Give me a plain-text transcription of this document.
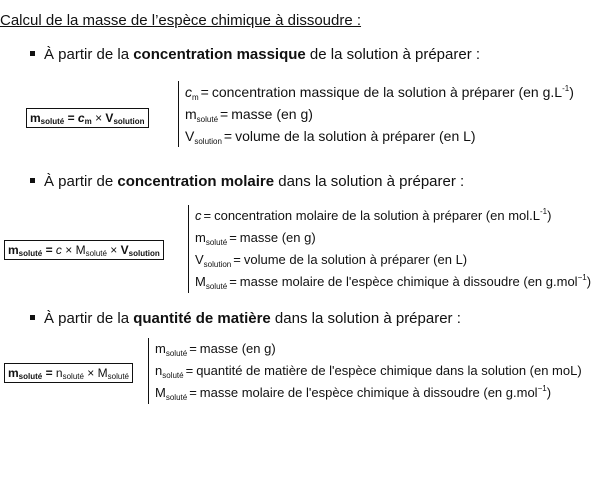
Calcul de la masse de l’espèce chimique à dissoudre :
À partir de la concentration massique de la solution à préparer :
$m_{soluté} = c_m \times V_{solution}$
$c_m$ = concentration massique de la solution à préparer (en $g.L^{-1}$)
$m_{soluté}$ = masse (en g)
$V_{solution}$ = volume de la solution à préparer (en L)
À partir de concentration molaire dans la solution à préparer :
$m_{soluté} = c \times M_{soluté} \times V_{solution}$
c = concentration molaire de la solution à préparer (en $mol.L^{-1}$)
$m_{soluté}$ = masse (en g)
$V_{solution}$ = volume de la solution à préparer (en L)
$M_{soluté}$ = masse molaire de l'espèce chimique à dissoudre (en g.mol$^{-1}$)
À partir de la quantité de matière dans la solution à préparer :
$m_{soluté} = n_{soluté} \times M_{soluté}$
$m_{soluté}$ = masse (en g)
$n_{soluté}$ = quantité de matière de l'espèce chimique dans la solution (en moL)
$M_{soluté}$ = masse molaire de l'espèce chimique à dissoudre (en g.mol$^{-1}$)
